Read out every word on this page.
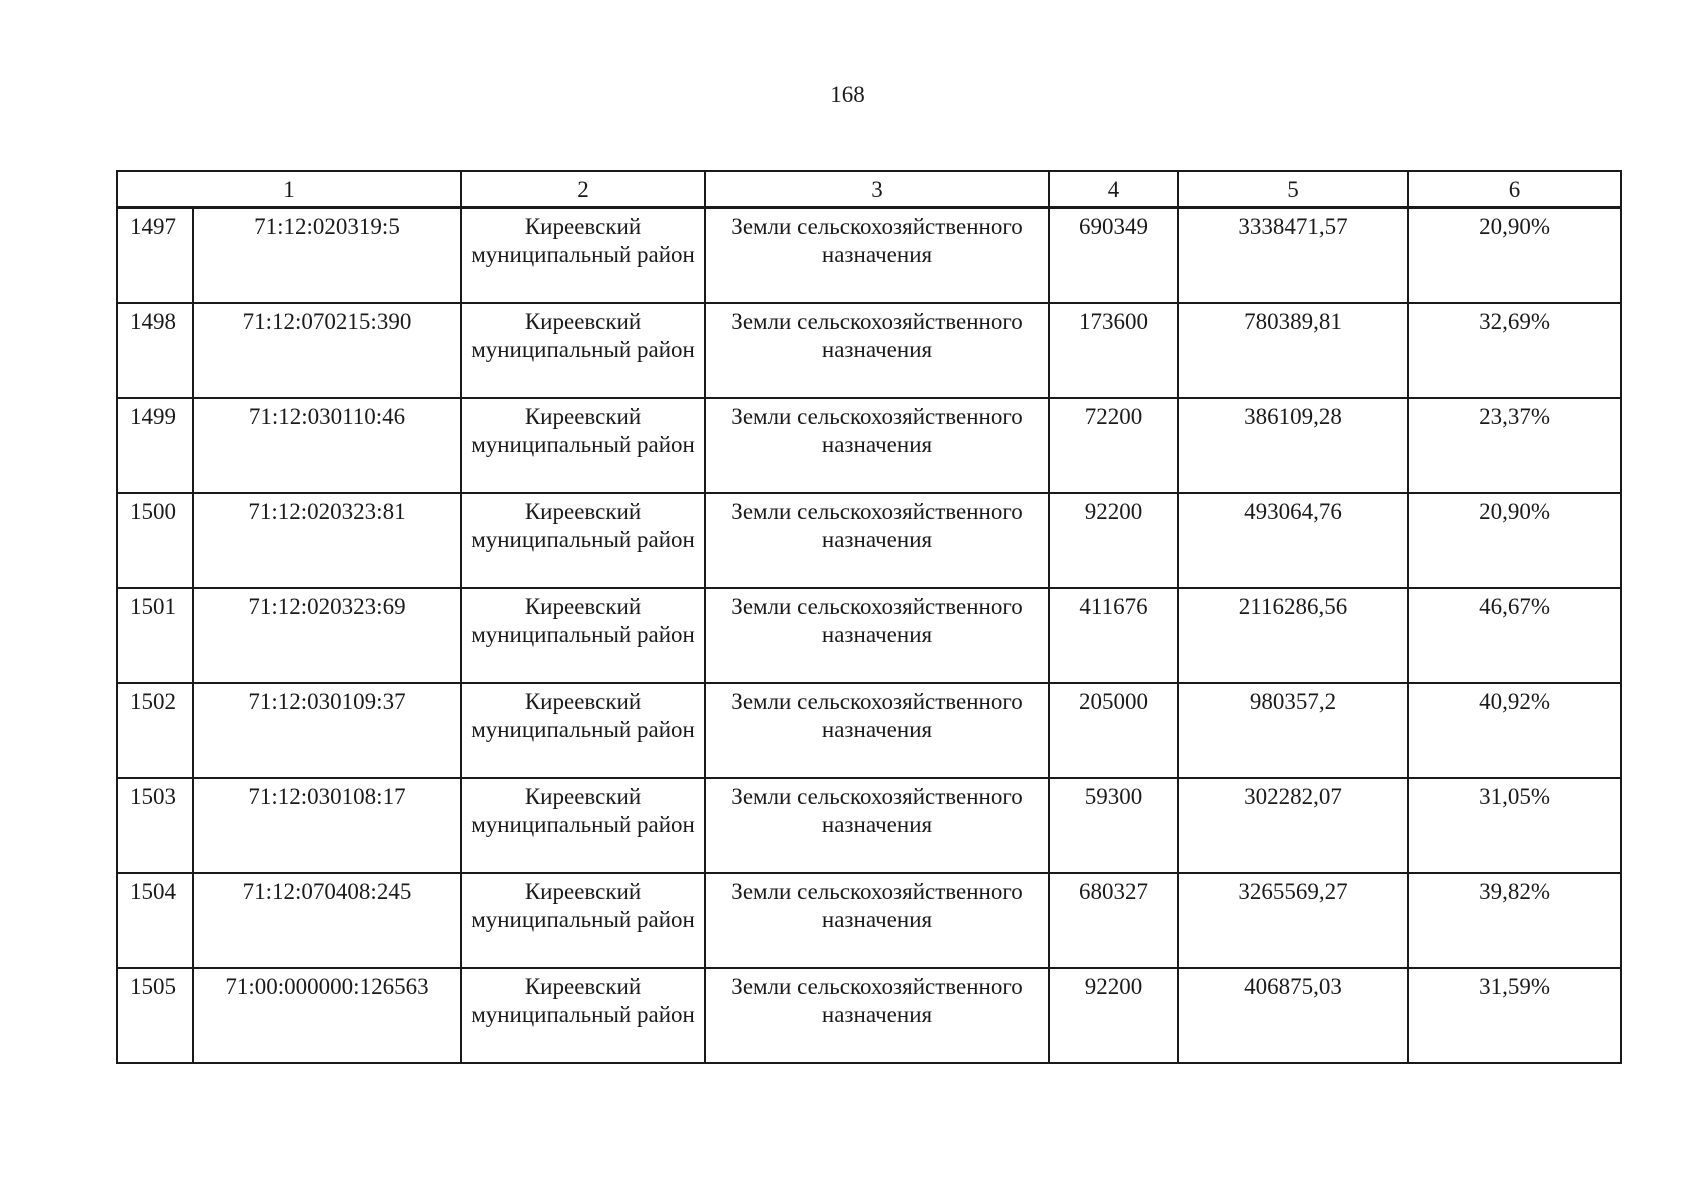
168
1		2	3	4	5	6
1497	71:12:020319:5	Киреевский муниципальный район	Земли сельскохозяйственного назначения	690349	3338471,57	20,90%
1498	71:12:070215:390	Киреевский муниципальный район	Земли сельскохозяйственного назначения	173600	780389,81	32,69%
1499	71:12:030110:46	Киреевский муниципальный район	Земли сельскохозяйственного назначения	72200	386109,28	23,37%
1500	71:12:020323:81	Киреевский муниципальный район	Земли сельскохозяйственного назначения	92200	493064,76	20,90%
1501	71:12:020323:69	Киреевский муниципальный район	Земли сельскохозяйственного назначения	411676	2116286,56	46,67%
1502	71:12:030109:37	Киреевский муниципальный район	Земли сельскохозяйственного назначения	205000	980357,2	40,92%
1503	71:12:030108:17	Киреевский муниципальный район	Земли сельскохозяйственного назначения	59300	302282,07	31,05%
1504	71:12:070408:245	Киреевский муниципальный район	Земли сельскохозяйственного назначения	680327	3265569,27	39,82%
1505	71:00:000000:126563	Киреевский муниципальный район	Земли сельскохозяйственного назначения	92200	406875,03	31,59%
